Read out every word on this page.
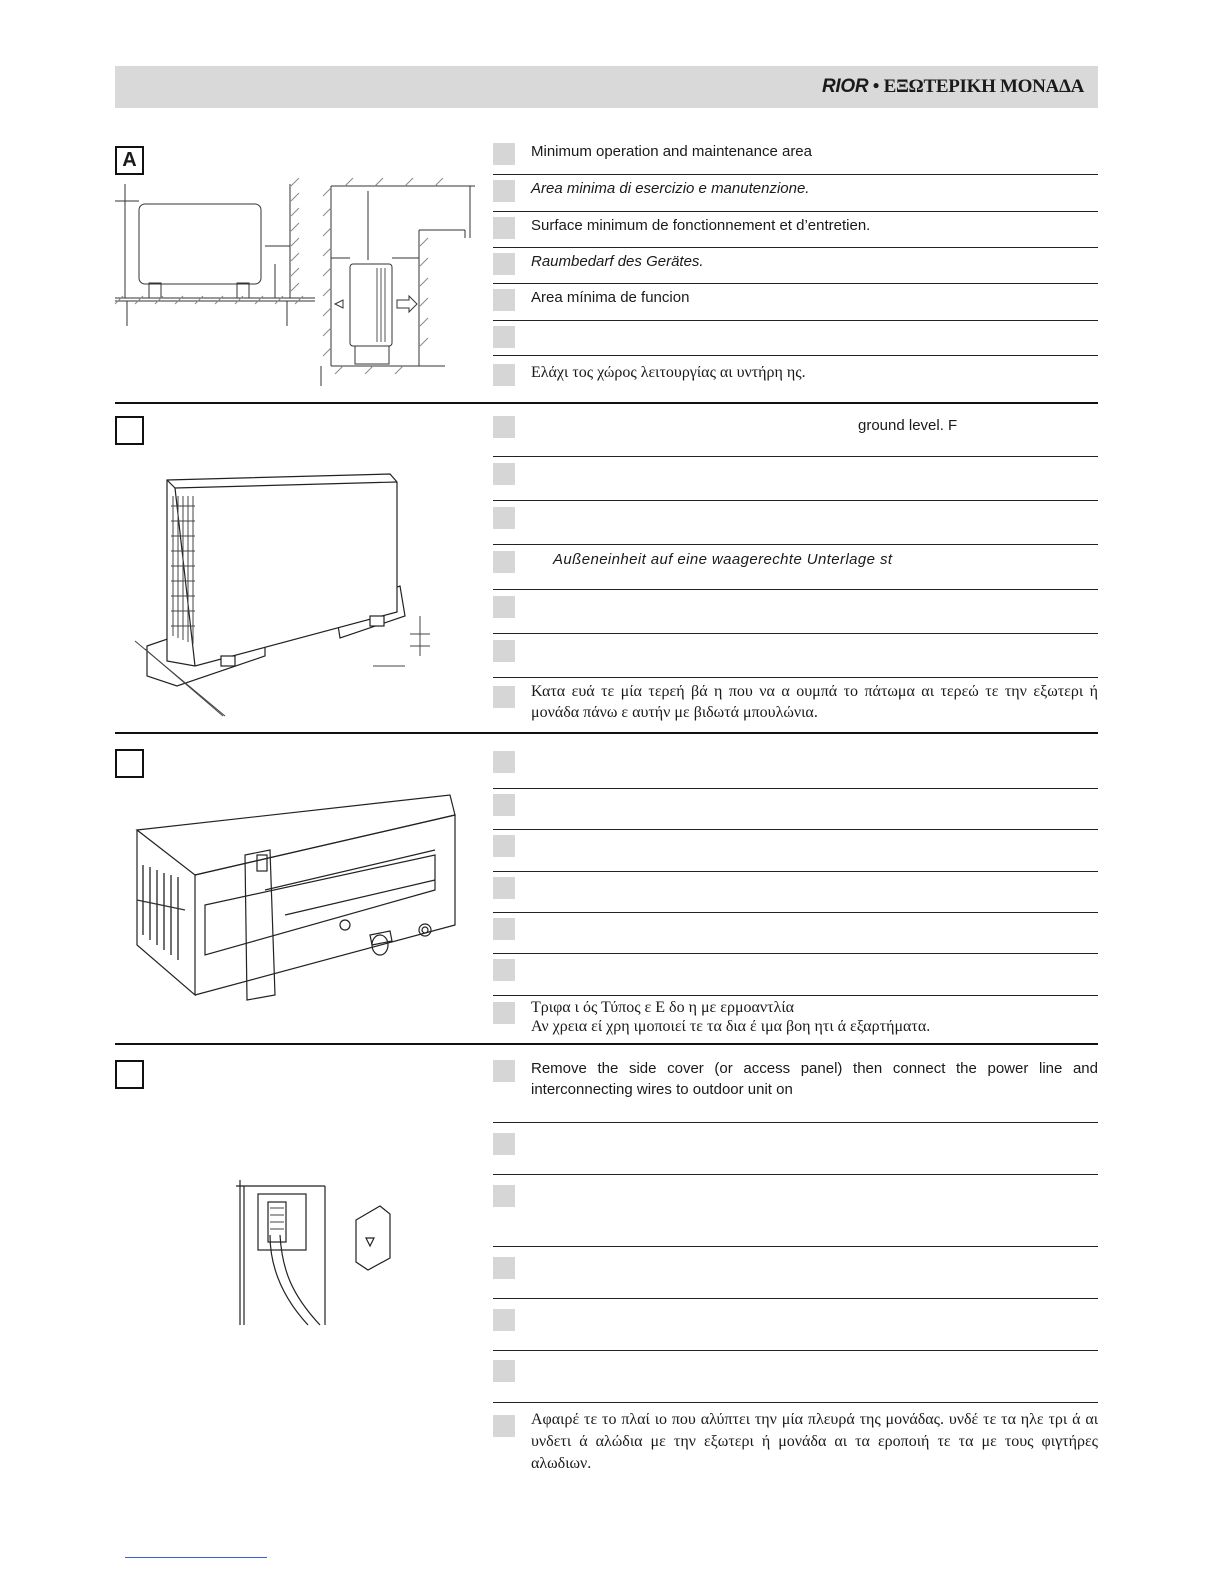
RIOR • ΕΞΩΤΕΡΙΚΗ ΜΟΝΑΔΑ
A	Minimum operation and maintenance area
Area minima di esercizio e manutenzione.
Surface minimum de fonctionnement et d’entretien.
Raumbedarf des Gerätes.
Area mínima de funcion
Ελάχι τος χώρος λειτουργίας αι υντήρη ης.
ground level. F
Außeneinheit auf eine waagerechte Unterlage st
Κατα ευά τε μία τερεή βά η που να α ουμπά το πάτωμα αι τερεώ τε την εξωτερι ή μονάδα πάνω ε αυτήν με βιδωτά μπουλώνια.
Τριφα ι ός Τύπος ε Ε δο η με ερμοαντλία
Αν χρεια εί χρη ιμοποιεί τε τα δια έ ιμα βοη ητι ά εξαρτήματα.
Remove the side cover (or access panel) then connect the power line and interconnecting wires to outdoor unit on
Αφαιρέ τε το πλαί ιο που αλύπτει την μία πλευρά της μονάδας. υνδέ τε τα ηλε τρι ά αι υνδετι ά αλώδια με την εξωτερι ή μονάδα αι τα εροποιή τε τα με τους φιγτήρες αλωδιων.
